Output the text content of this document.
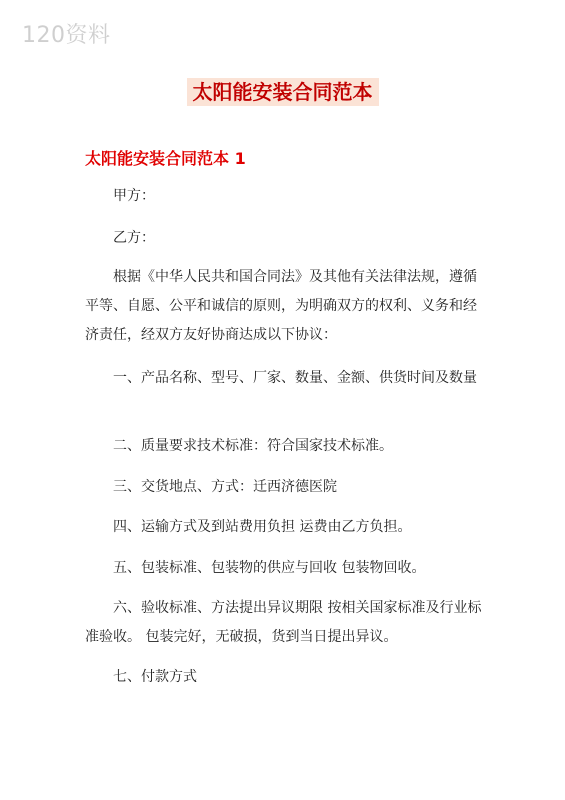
120资料
太阳能安装合同范本
太阳能安装合同范本 1

甲方：

乙方：

根据《中华人民共和国合同法》及其他有关法律法规，遵循平等、自愿、公平和诚信的原则，为明确双方的权利、义务和经济责任，经双方友好协商达成以下协议：

一、产品名称、型号、厂家、数量、金额、供货时间及数量

二、质量要求技术标准：符合国家技术标准。

三、交货地点、方式：迁西济德医院

四、运输方式及到站费用负担 运费由乙方负担。

五、包装标准、包装物的供应与回收 包装物回收。

六、验收标准、方法提出异议期限 按相关国家标准及行业标准验收。 包装完好，无破损，货到当日提出异议。

七、付款方式
